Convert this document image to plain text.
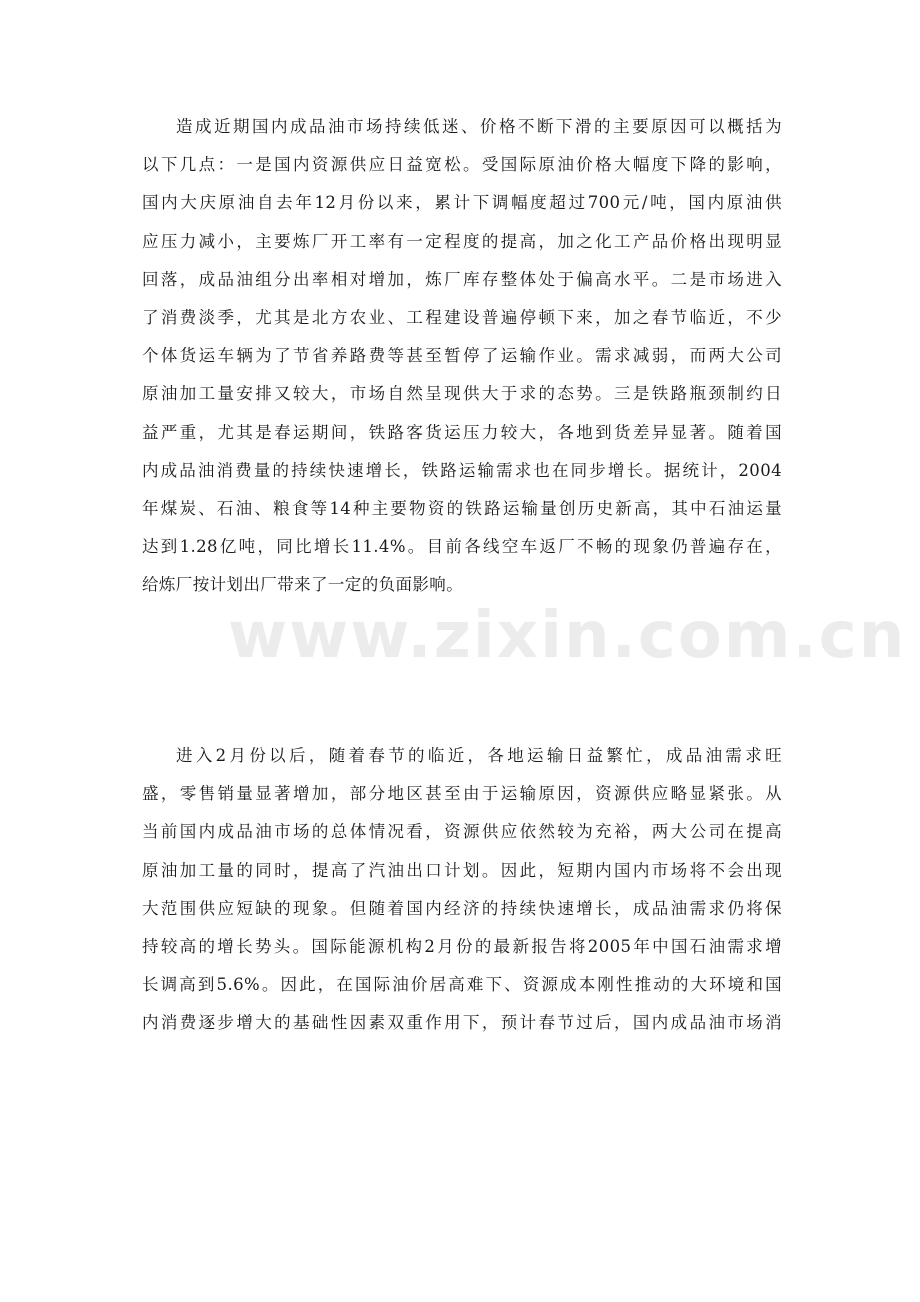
www.zixin.com.cn
造成近期国内成品油市场持续低迷、价格不断下滑的主要原因可以概括为
以下几点：一是国内资源供应日益宽松。受国际原油价格大幅度下降的影响，
国内大庆原油自去年12月份以来，累计下调幅度超过700元/吨，国内原油供
应压力减小，主要炼厂开工率有一定程度的提高，加之化工产品价格出现明显
回落，成品油组分出率相对增加，炼厂库存整体处于偏高水平。二是市场进入
了消费淡季，尤其是北方农业、工程建设普遍停顿下来，加之春节临近，不少
个体货运车辆为了节省养路费等甚至暂停了运输作业。需求减弱，而两大公司
原油加工量安排又较大，市场自然呈现供大于求的态势。三是铁路瓶颈制约日
益严重，尤其是春运期间，铁路客货运压力较大，各地到货差异显著。随着国
内成品油消费量的持续快速增长，铁路运输需求也在同步增长。据统计，2004
年煤炭、石油、粮食等14种主要物资的铁路运输量创历史新高，其中石油运量
达到1.28亿吨，同比增长11.4%。目前各线空车返厂不畅的现象仍普遍存在，
给炼厂按计划出厂带来了一定的负面影响。
进入2月份以后，随着春节的临近，各地运输日益繁忙，成品油需求旺
盛，零售销量显著增加，部分地区甚至由于运输原因，资源供应略显紧张。从
当前国内成品油市场的总体情况看，资源供应依然较为充裕，两大公司在提高
原油加工量的同时，提高了汽油出口计划。因此，短期内国内市场将不会出现
大范围供应短缺的现象。但随着国内经济的持续快速增长，成品油需求仍将保
持较高的增长势头。国际能源机构2月份的最新报告将2005年中国石油需求增
长调高到5.6%。因此，在国际油价居高难下、资源成本刚性推动的大环境和国
内消费逐步增大的基础性因素双重作用下，预计春节过后，国内成品油市场消
